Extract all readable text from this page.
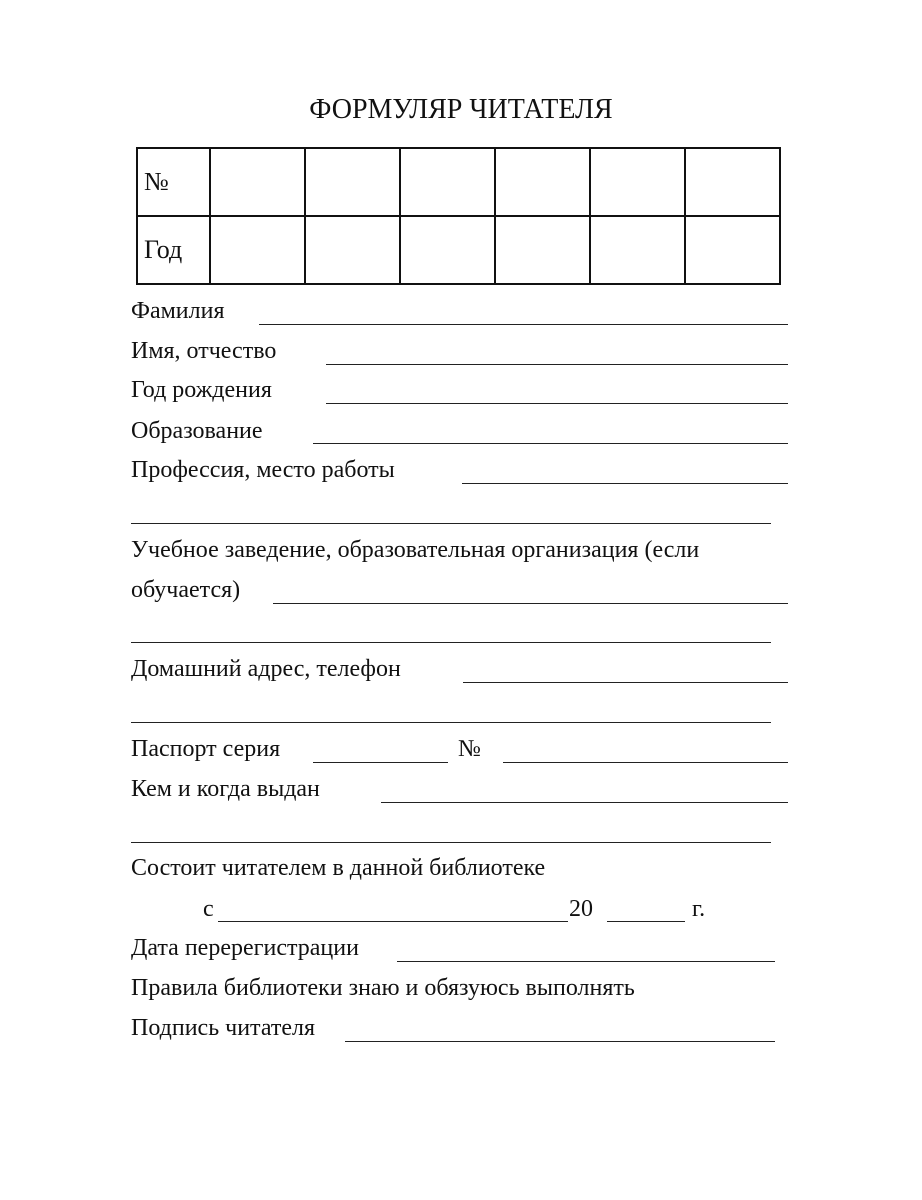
ФОРМУЛЯР ЧИТАТЕЛЯ
№						
Год						
Фамилия
Имя, отчество
Год рождения
Образование
Профессия, место работы
Учебное заведение, образовательная организация (если
обучается)
Домашний адрес, телефон
Паспорт серия	№
Кем и когда выдан
Состоит читателем в данной библиотеке
с	20	г.
Дата перерегистрации
Правила библиотеки знаю и обязуюсь выполнять
Подпись читателя
